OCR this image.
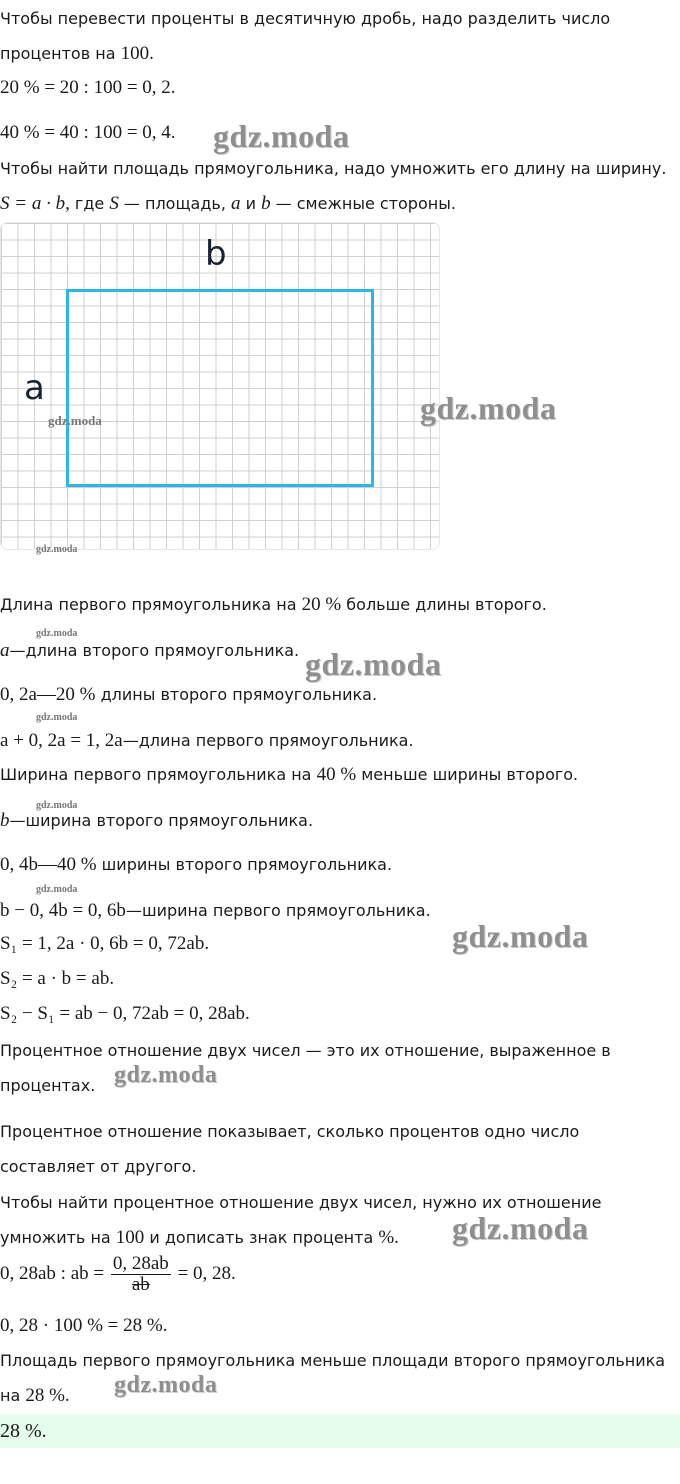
Чтобы перевести проценты в десятичную дробь, надо разделить число
процентов на 100.
20 % = 20 : 100 = 0, 2.
40 % = 40 : 100 = 0, 4.
Чтобы найти площадь прямоугольника, надо умножить его длину на ширину.
S = a · b, где S — площадь, a и b — смежные стороны.
b
a
Длина первого прямоугольника на 20 % больше длины второго.
a—длина второго прямоугольника.
0, 2a—20 % длины второго прямоугольника.
a + 0, 2a = 1, 2a—длина первого прямоугольника.
Ширина первого прямоугольника на 40 % меньше ширины второго.
b—ширина второго прямоугольника.
0, 4b—40 % ширины второго прямоугольника.
b − 0, 4b = 0, 6b—ширина первого прямоугольника.
S₁ = 1, 2a · 0, 6b = 0, 72ab.
S₂ = a · b = ab.
S₂ − S₁ = ab − 0, 72ab = 0, 28ab.
Процентное отношение двух чисел — это их отношение, выраженное в
процентах.
Процентное отношение показывает, сколько процентов одно число
составляет от другого.
Чтобы найти процентное отношение двух чисел, нужно их отношение
умножить на 100 и дописать знак процента %.
0, 28ab : ab = $\frac{0, 28ab}{ab} = 0$, 28.
0, 28 · 100 % = 28 %.
Площадь первого прямоугольника меньше площади второго прямоугольника
на 28 %.
28 %.
gdz.moda
gdz.moda	gdz.moda
gdz.moda
gdz.moda
gdz.moda
gdz.moda
gdz.moda
gdz.moda
gdz.moda
gdz.moda
gdz.moda
gdz.moda
